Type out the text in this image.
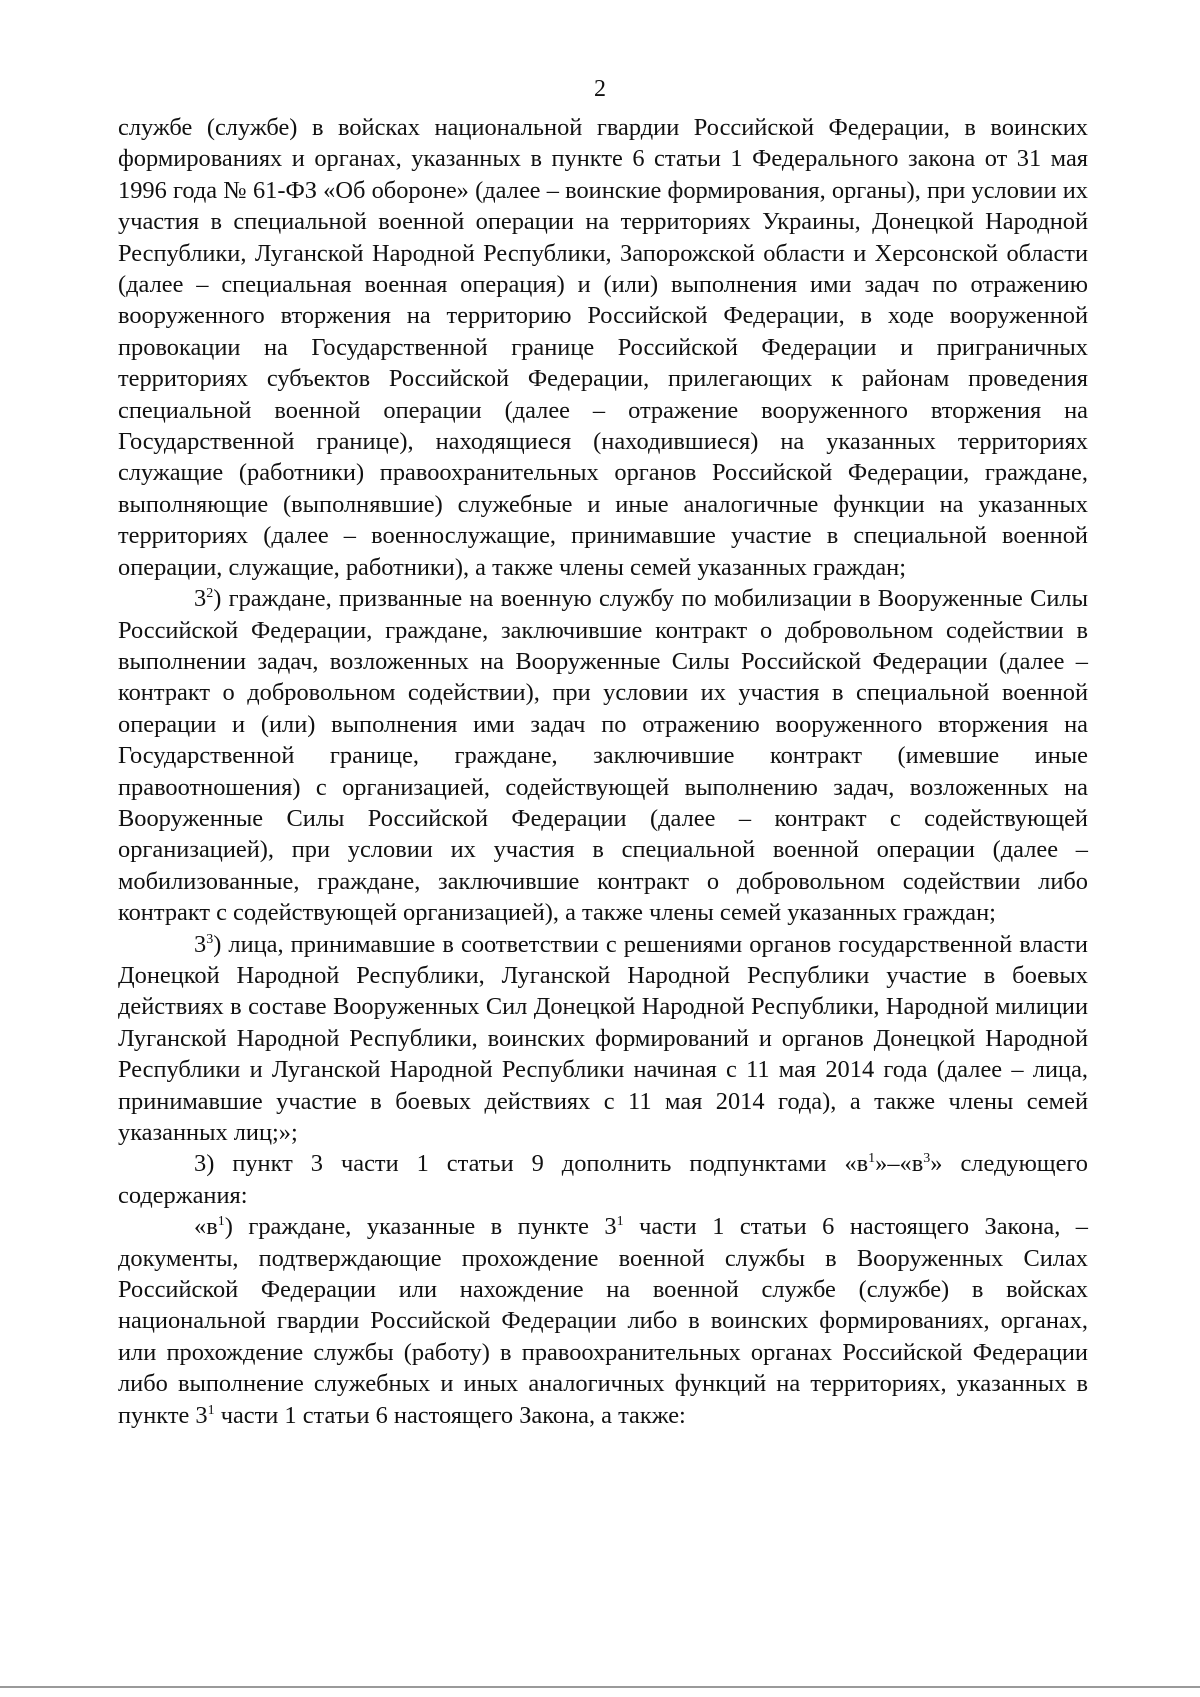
2

службе (службе) в войсках национальной гвардии Российской Федерации, в воинских формированиях и органах, указанных в пункте 6 статьи 1 Федерального закона от 31 мая 1996 года № 61-ФЗ «Об обороне» (далее – воинские формирования, органы), при условии их участия в специальной военной операции на территориях Украины, Донецкой Народной Республики, Луганской Народной Республики, Запорожской области и Херсонской области (далее – специальная военная операция) и (или) выполнения ими задач по отражению вооруженного вторжения на территорию Российской Федерации, в ходе вооруженной провокации на Государственной границе Российской Федерации и приграничных территориях субъектов Российской Федерации, прилегающих к районам проведения специальной военной операции (далее – отражение вооруженного вторжения на Государственной границе), находящиеся (находившиеся) на указанных территориях служащие (работники) правоохранительных органов Российской Федерации, граждане, выполняющие (выполнявшие) служебные и иные аналогичные функции на указанных территориях (далее – военнослужащие, принимавшие участие в специальной военной операции, служащие, работники), а также члены семей указанных граждан;

$3^2$) граждане, призванные на военную службу по мобилизации в Вооруженные Силы Российской Федерации, граждане, заключившие контракт о добровольном содействии в выполнении задач, возложенных на Вооруженные Силы Российской Федерации (далее – контракт о добровольном содействии), при условии их участия в специальной военной операции и (или) выполнения ими задач по отражению вооруженного вторжения на Государственной границе, граждане, заключившие контракт (имевшие иные правоотношения) с организацией, содействующей выполнению задач, возложенных на Вооруженные Силы Российской Федерации (далее – контракт с содействующей организацией), при условии их участия в специальной военной операции (далее – мобилизованные, граждане, заключившие контракт о добровольном содействии либо контракт с содействующей организацией), а также члены семей указанных граждан;

$3^3$) лица, принимавшие в соответствии с решениями органов государственной власти Донецкой Народной Республики, Луганской Народной Республики участие в боевых действиях в составе Вооруженных Сил Донецкой Народной Республики, Народной милиции Луганской Народной Республики, воинских формирований и органов Донецкой Народной Республики и Луганской Народной Республики начиная с 11 мая 2014 года (далее – лица, принимавшие участие в боевых действиях с 11 мая 2014 года), а также члены семей указанных лиц;»;

3) пункт 3 части 1 статьи 9 дополнить подпунктами «$в^1»-«в^3$» следующего содержания:

«$в^1$) граждане, указанные в пункте $3^1$ части 1 статьи 6 настоящего Закона, – документы, подтверждающие прохождение военной службы в Вооруженных Силах Российской Федерации или нахождение на военной службе (службе) в войсках национальной гвардии Российской Федерации либо в воинских формированиях, органах, или прохождение службы (работу) в правоохранительных органах Российской Федерации либо выполнение служебных и иных аналогичных функций на территориях, указанных в пункте $3^1$ части 1 статьи 6 настоящего Закона, а также:
